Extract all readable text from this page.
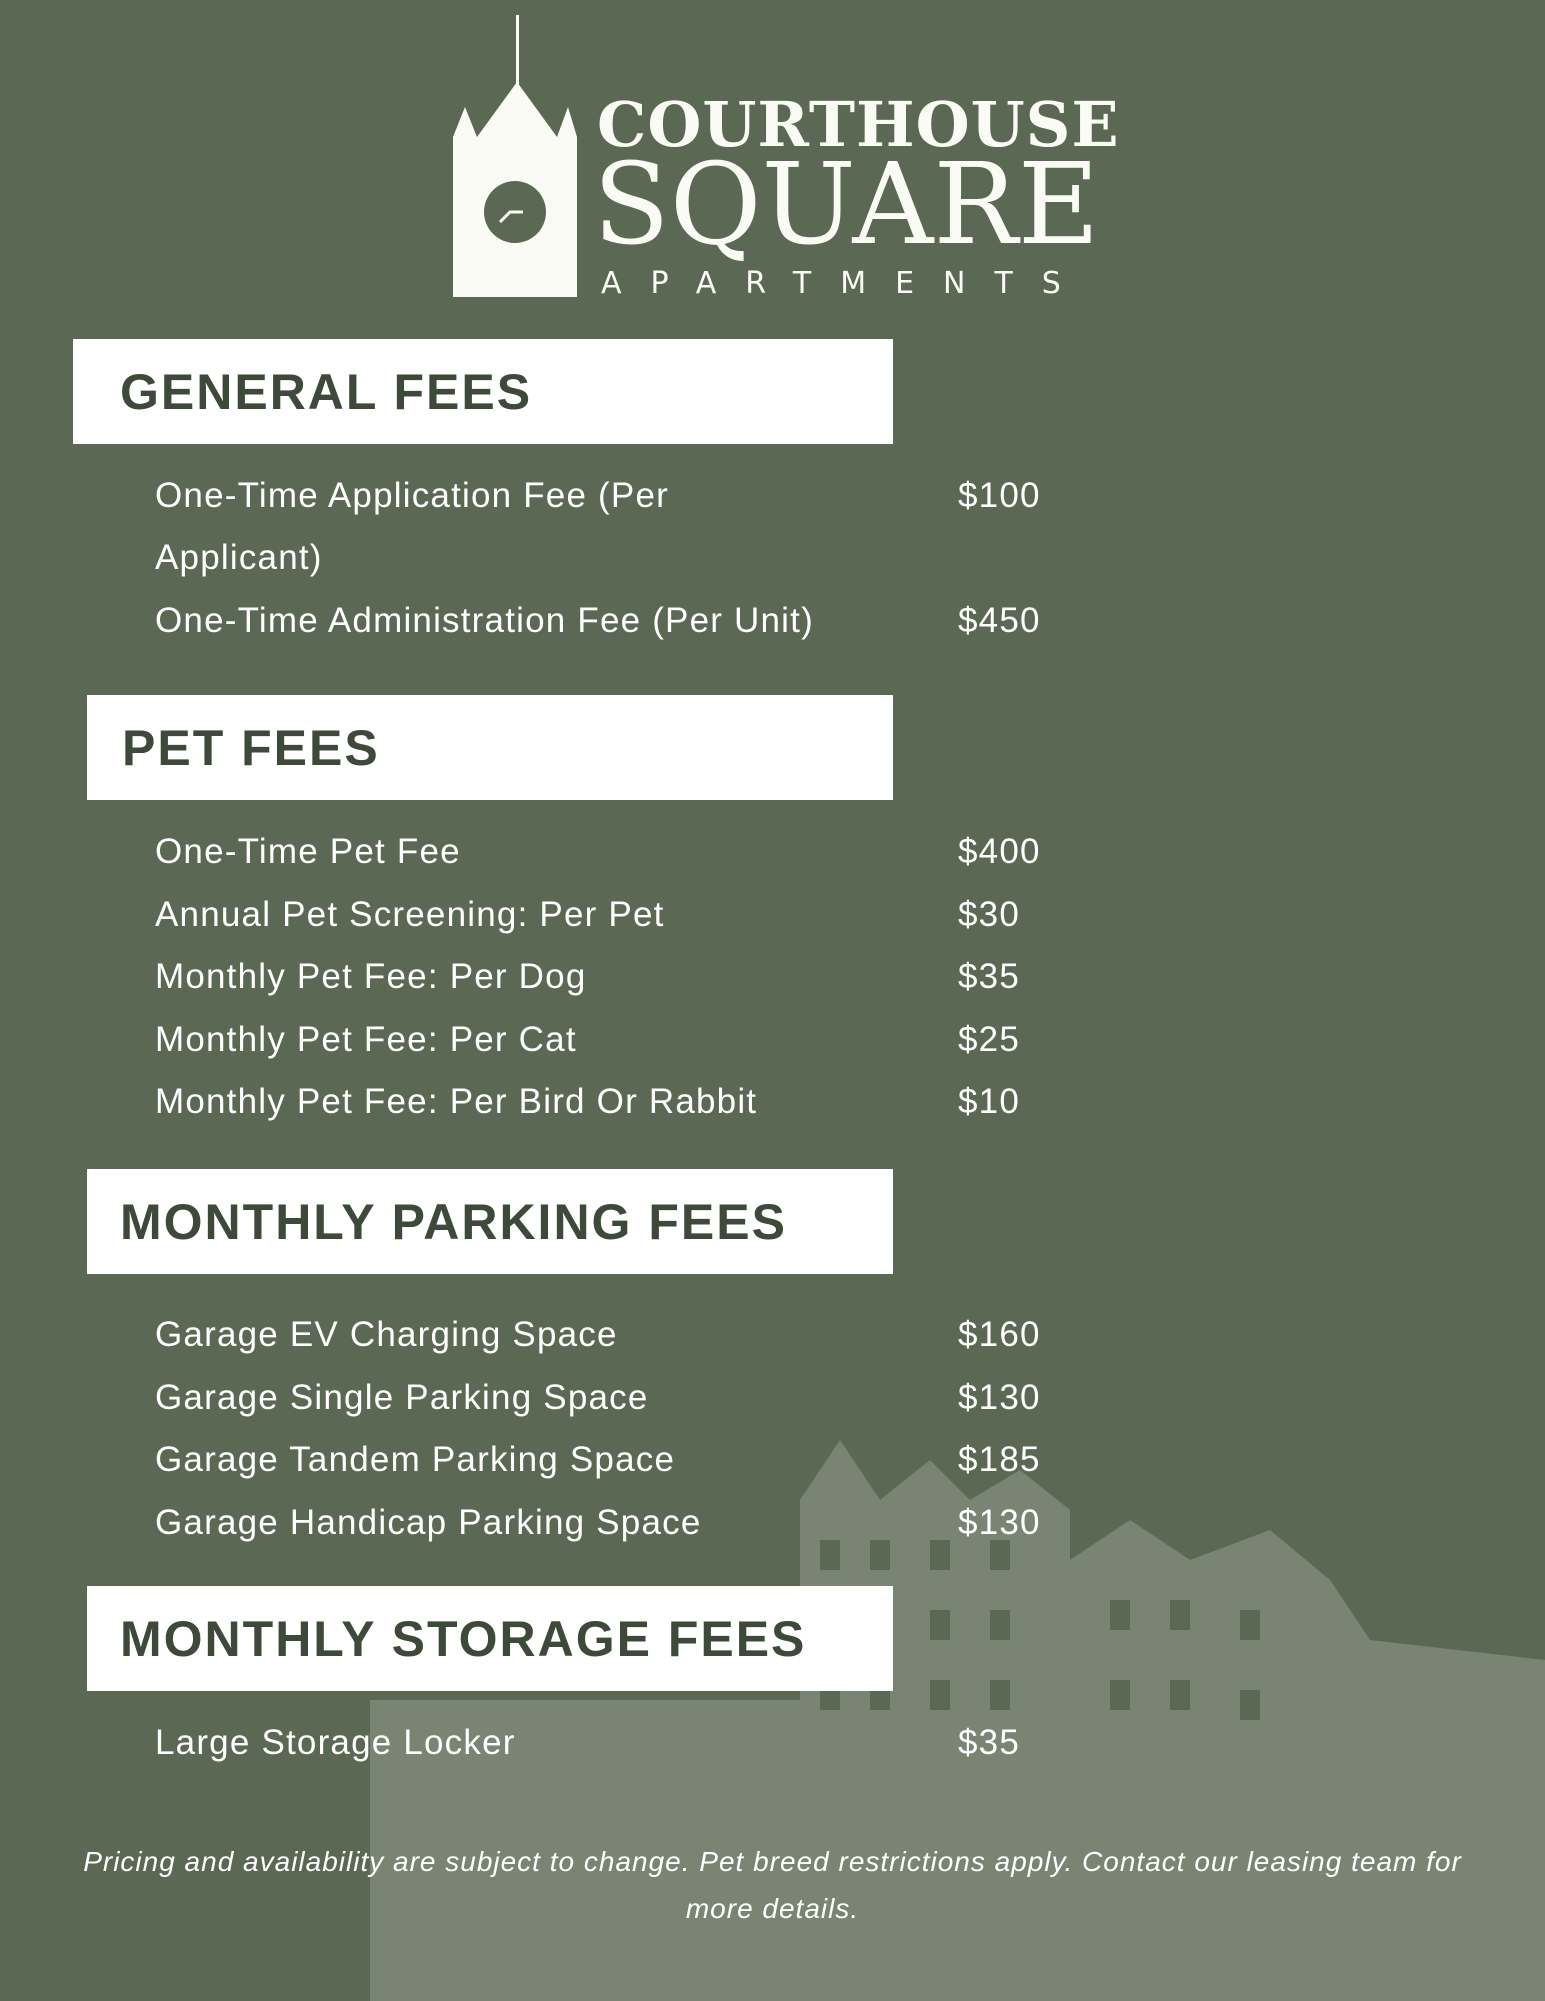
COURTHOUSE
SQUARE
APARTMENTS
GENERAL FEES
One-Time Application Fee (Per Applicant)
$100
One-Time Administration Fee (Per Unit)	$450
PET FEES
One-Time Pet Fee	$400
Annual Pet Screening: Per Pet	$30
Monthly Pet Fee: Per Dog	$35
Monthly Pet Fee: Per Cat	$25
Monthly Pet Fee: Per Bird Or Rabbit	$10
MONTHLY PARKING FEES
Garage EV Charging Space	$160
Garage Single Parking Space	$130
Garage Tandem Parking Space	$185
Garage Handicap Parking Space	$130
MONTHLY STORAGE FEES
Large Storage Locker	$35
Pricing and availability are subject to change. Pet breed restrictions apply. Contact our leasing team for more details.
